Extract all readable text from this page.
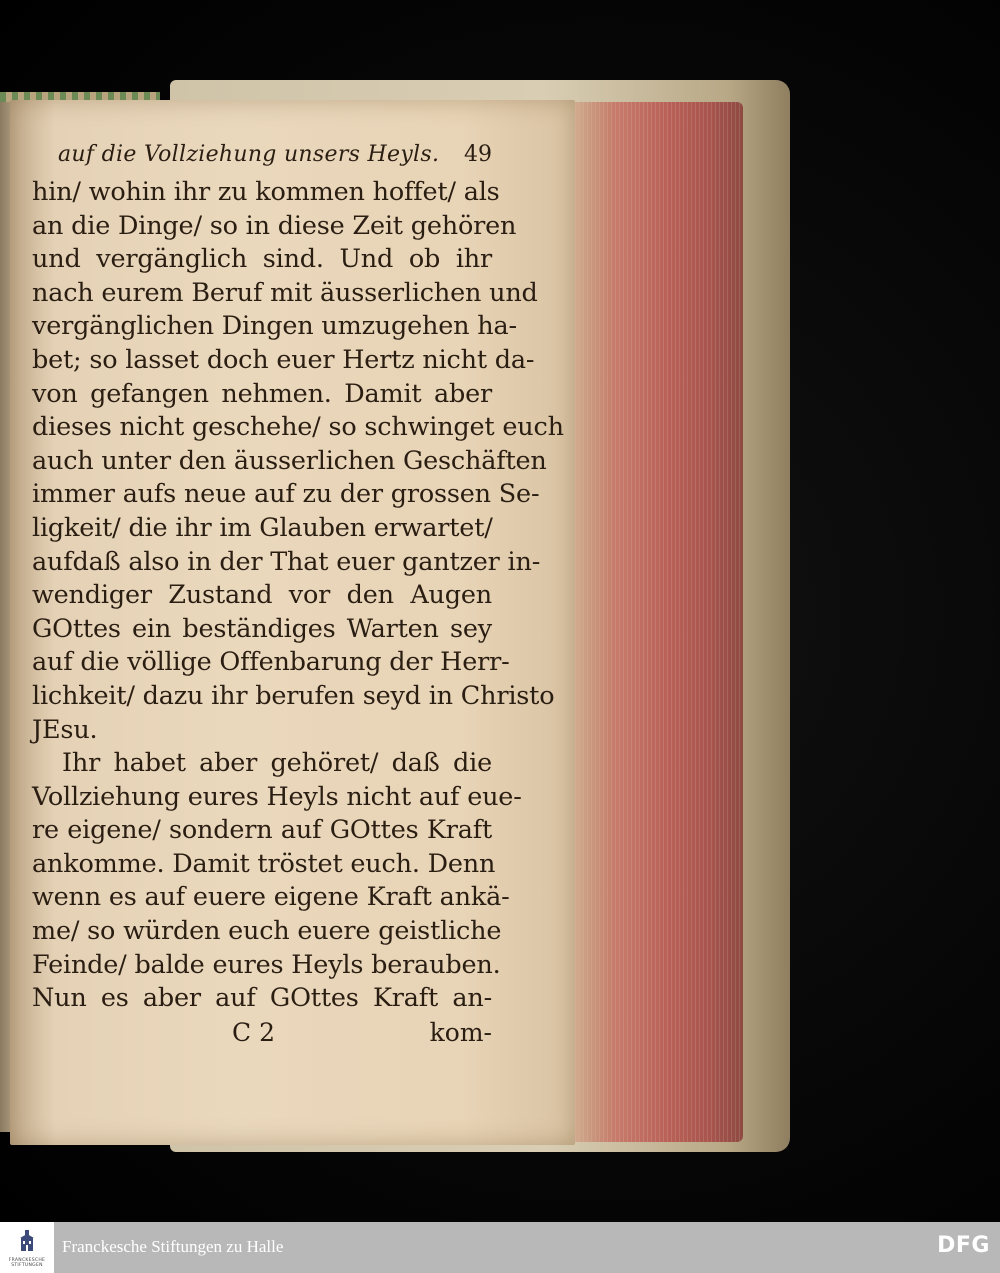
auf die Vollziehung unsers Heyls. 49
hin/ wohin ihr zu kommen hoffet/ als
an die Dinge/ so in diese Zeit gehören
und vergänglich sind. Und ob ihr
nach eurem Beruf mit äusserlichen und
vergänglichen Dingen umzugehen ha-
bet; so lasset doch euer Hertz nicht da-
von gefangen nehmen. Damit aber
dieses nicht geschehe/ so schwinget euch
auch unter den äusserlichen Geschäften
immer aufs neue auf zu der grossen Se-
ligkeit/ die ihr im Glauben erwartet/
aufdaß also in der That euer gantzer in-
wendiger Zustand vor den Augen
GOttes ein beständiges Warten sey
auf die völlige Offenbarung der Herr-
lichkeit/ dazu ihr berufen seyd in Christo
JEsu.
Ihr habet aber gehöret/ daß die
Vollziehung eures Heyls nicht auf eue-
re eigene/ sondern auf GOttes Kraft
ankomme. Damit tröstet euch. Denn
wenn es auf euere eigene Kraft ankä-
me/ so würden euch euere geistliche
Feinde/ balde eures Heyls berauben.
Nun es aber auf GOttes Kraft an-
C 2	kom-
FRANCKESCHE STIFTUNGEN
Franckesche Stiftungen zu Halle	DFG
